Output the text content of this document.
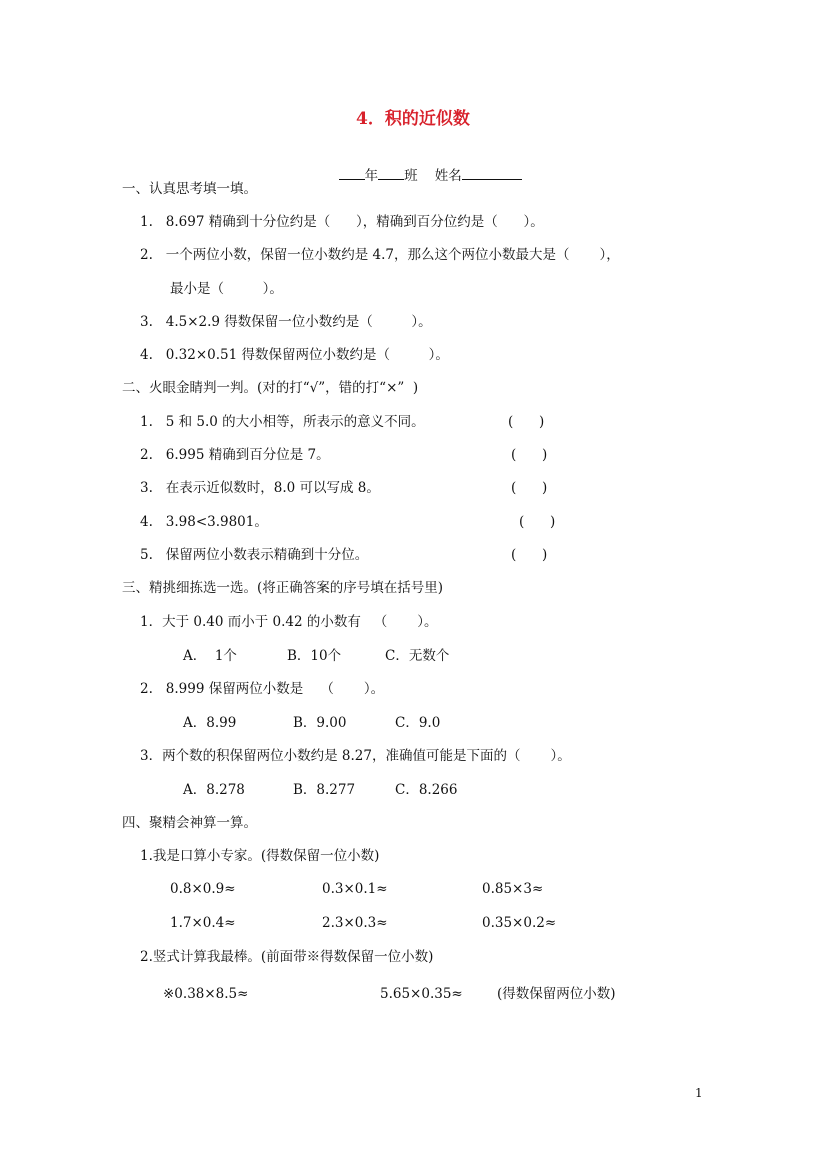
4．积的近似数

年 班 姓名

一、认真思考填一填。
1.   8.697 精确到十分位约是（      ），精确到百分位约是（      ）。
2.   一个两位小数，保留一位小数约是 4.7，那么这个两位小数最大是（       ），
最小是（         ）。
3.   4.5×2.9 得数保留一位小数约是（         ）。
4.   0.32×0.51 得数保留两位小数约是（         ）。
二、火眼金睛判一判。(对的打“√”，错的打“×”  )
1.   5 和 5.0 的大小相等，所表示的意义不同。	(      )
2.   6.995 精确到百分位是 7。	(      )
3.   在表示近似数时，8.0 可以写成 8。	(      )
4.   3.98<3.9801。	(      )
5.   保留两位小数表示精确到十分位。	(      )
三、精挑细拣选一选。(将正确答案的序号填在括号里)
1．大于 0.40 而小于 0.42 的小数有   （       ）。
A．  1个	B．10个	C．无数个
2.   8.999 保留两位小数是    （       ）。
A．8.99	B．9.00	C．9.0
3．两个数的积保留两位小数约是 8.27，准确值可能是下面的（       ）。
A．8.278	B．8.277	C．8.266
四、聚精会神算一算。
1.我是口算小专家。(得数保留一位小数)
0.8×0.9≈	0.3×0.1≈	0.85×3≈
1.7×0.4≈	2.3×0.3≈	0.35×0.2≈
2.竖式计算我最棒。(前面带※得数保留一位小数)
※0.38×8.5≈	5.65×0.35≈	(得数保留两位小数)
1
